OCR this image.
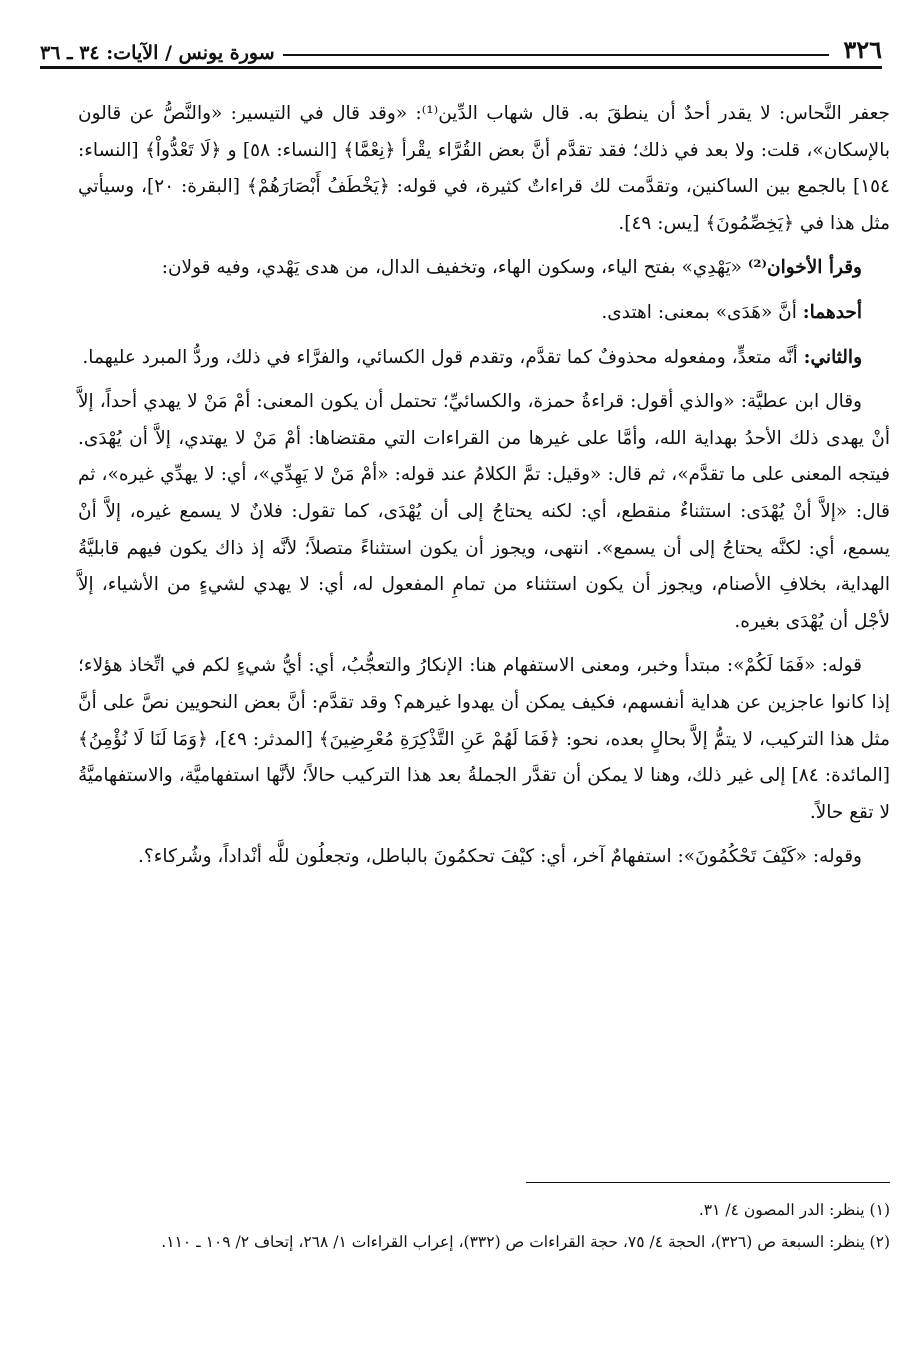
٣٢٦
سورة يونس / الآيات: ٣٤ ـ ٣٦

جعفر النَّحاس: لا يقدر أحدٌ أن ينطقَ به. قال شهاب الدِّين⁽¹⁾: «وقد قال في التيسير: «والنَّصُّ عن قالون بالإسكان»، قلت: ولا بعد في ذلك؛ فقد تقدَّم أنَّ بعض القُرَّاء يقْرأ ﴿نِعْمَّا﴾ [النساء: ٥٨] و ﴿لَا تَعْدُّواْ﴾ [النساء: ١٥٤] بالجمع بين الساكنين، وتقدَّمت لك قراءاتٌ كثيرة، في قوله: ﴿يَخْطَفُ أَبْصَارَهُمْ﴾ [البقرة: ٢٠]، وسيأتي مثل هذا في ﴿يَخِصِّمُونَ﴾ [يس: ٤٩].

وقرأ الأخوان⁽²⁾ «يَهْدِي» بفتح الياء، وسكون الهاء، وتخفيف الدال، من هدى يَهْدي، وفيه قولان:

أحدهما: أنَّ «هَدَى» بمعنى: اهتدى.

والثاني: أنَّه متعدٍّ، ومفعوله محذوفٌ كما تقدَّم، وتقدم قول الكسائي، والفرَّاء في ذلك، وردُّ المبرد عليهما.

وقال ابن عطيَّة: «والذي أقول: قراءةُ حمزة، والكسائيِّ؛ تحتمل أن يكون المعنى: أمْ مَنْ لا يهدي أحداً، إلاَّ أنْ يهدى ذلك الأحدُ بهداية الله، وأمَّا على غيرها من القراءات التي مقتضاها: أمْ مَنْ لا يهتدي، إلاَّ أن يُهْدَى. فيتجه المعنى على ما تقدَّم»، ثم قال: «وقيل: تمَّ الكلامُ عند قوله: «أمْ مَنْ لا يَهِدِّي»، أي: لا يهدِّي غيره»، ثم قال: «إلاَّ أنْ يُهْدَى: استثناءٌ منقطع، أي: لكنه يحتاجُ إلى أن يُهْدَى، كما تقول: فلانٌ لا يسمع غيره، إلاَّ أنْ يسمع، أي: لكنَّه يحتاجُ إلى أن يسمع». انتهى، ويجوز أن يكون استثناءً متصلاً؛ لأنَّه إذ ذاك يكون فيهم قابليَّةُ الهداية، بخلافِ الأصنام، ويجوز أن يكون استثناء من تمامِ المفعول له، أي: لا يهدي لشيءٍ من الأشياء، إلاَّ لأجْل أن يُهْدَى بغيره.

قوله: «فَمَا لَكُمْ»: مبتدأ وخبر، ومعنى الاستفهام هنا: الإنكارُ والتعجُّبُ، أي: أيُّ شيءٍ لكم في اتِّخاذ هؤلاء؛ إذا كانوا عاجزين عن هداية أنفسهم، فكيف يمكن أن يهدوا غيرهم؟ وقد تقدَّم: أنَّ بعض النحويين نصَّ على أنَّ مثل هذا التركيب، لا يتمُّ إلاَّ بحالٍ بعده، نحو: ﴿فَمَا لَهُمْ عَنِ التَّذْكِرَةِ مُعْرِضِينَ﴾ [المدثر: ٤٩]، ﴿وَمَا لَنَا لَا نُؤْمِنُ﴾ [المائدة: ٨٤] إلى غير ذلك، وهنا لا يمكن أن تقدَّر الجملةُ بعد هذا التركيب حالاً؛ لأنَّها استفهاميَّة، والاستفهاميَّةُ لا تقع حالاً.

وقوله: «كَيْفَ تَحْكُمُونَ»: استفهامٌ آخر، أي: كيْفَ تحكمُونَ بالباطل، وتجعلُون للَّه أنْداداً، وشُركاء؟.

(١) ينظر: الدر المصون ٤/ ٣١.

(٢) ينظر: السبعة ص (٣٢٦)، الحجة ٤/ ٧٥، حجة القراءات ص (٣٣٢)، إعراب القراءات ١/ ٢٦٨، إتحاف ٢/ ١٠٩ ـ ١١٠.
